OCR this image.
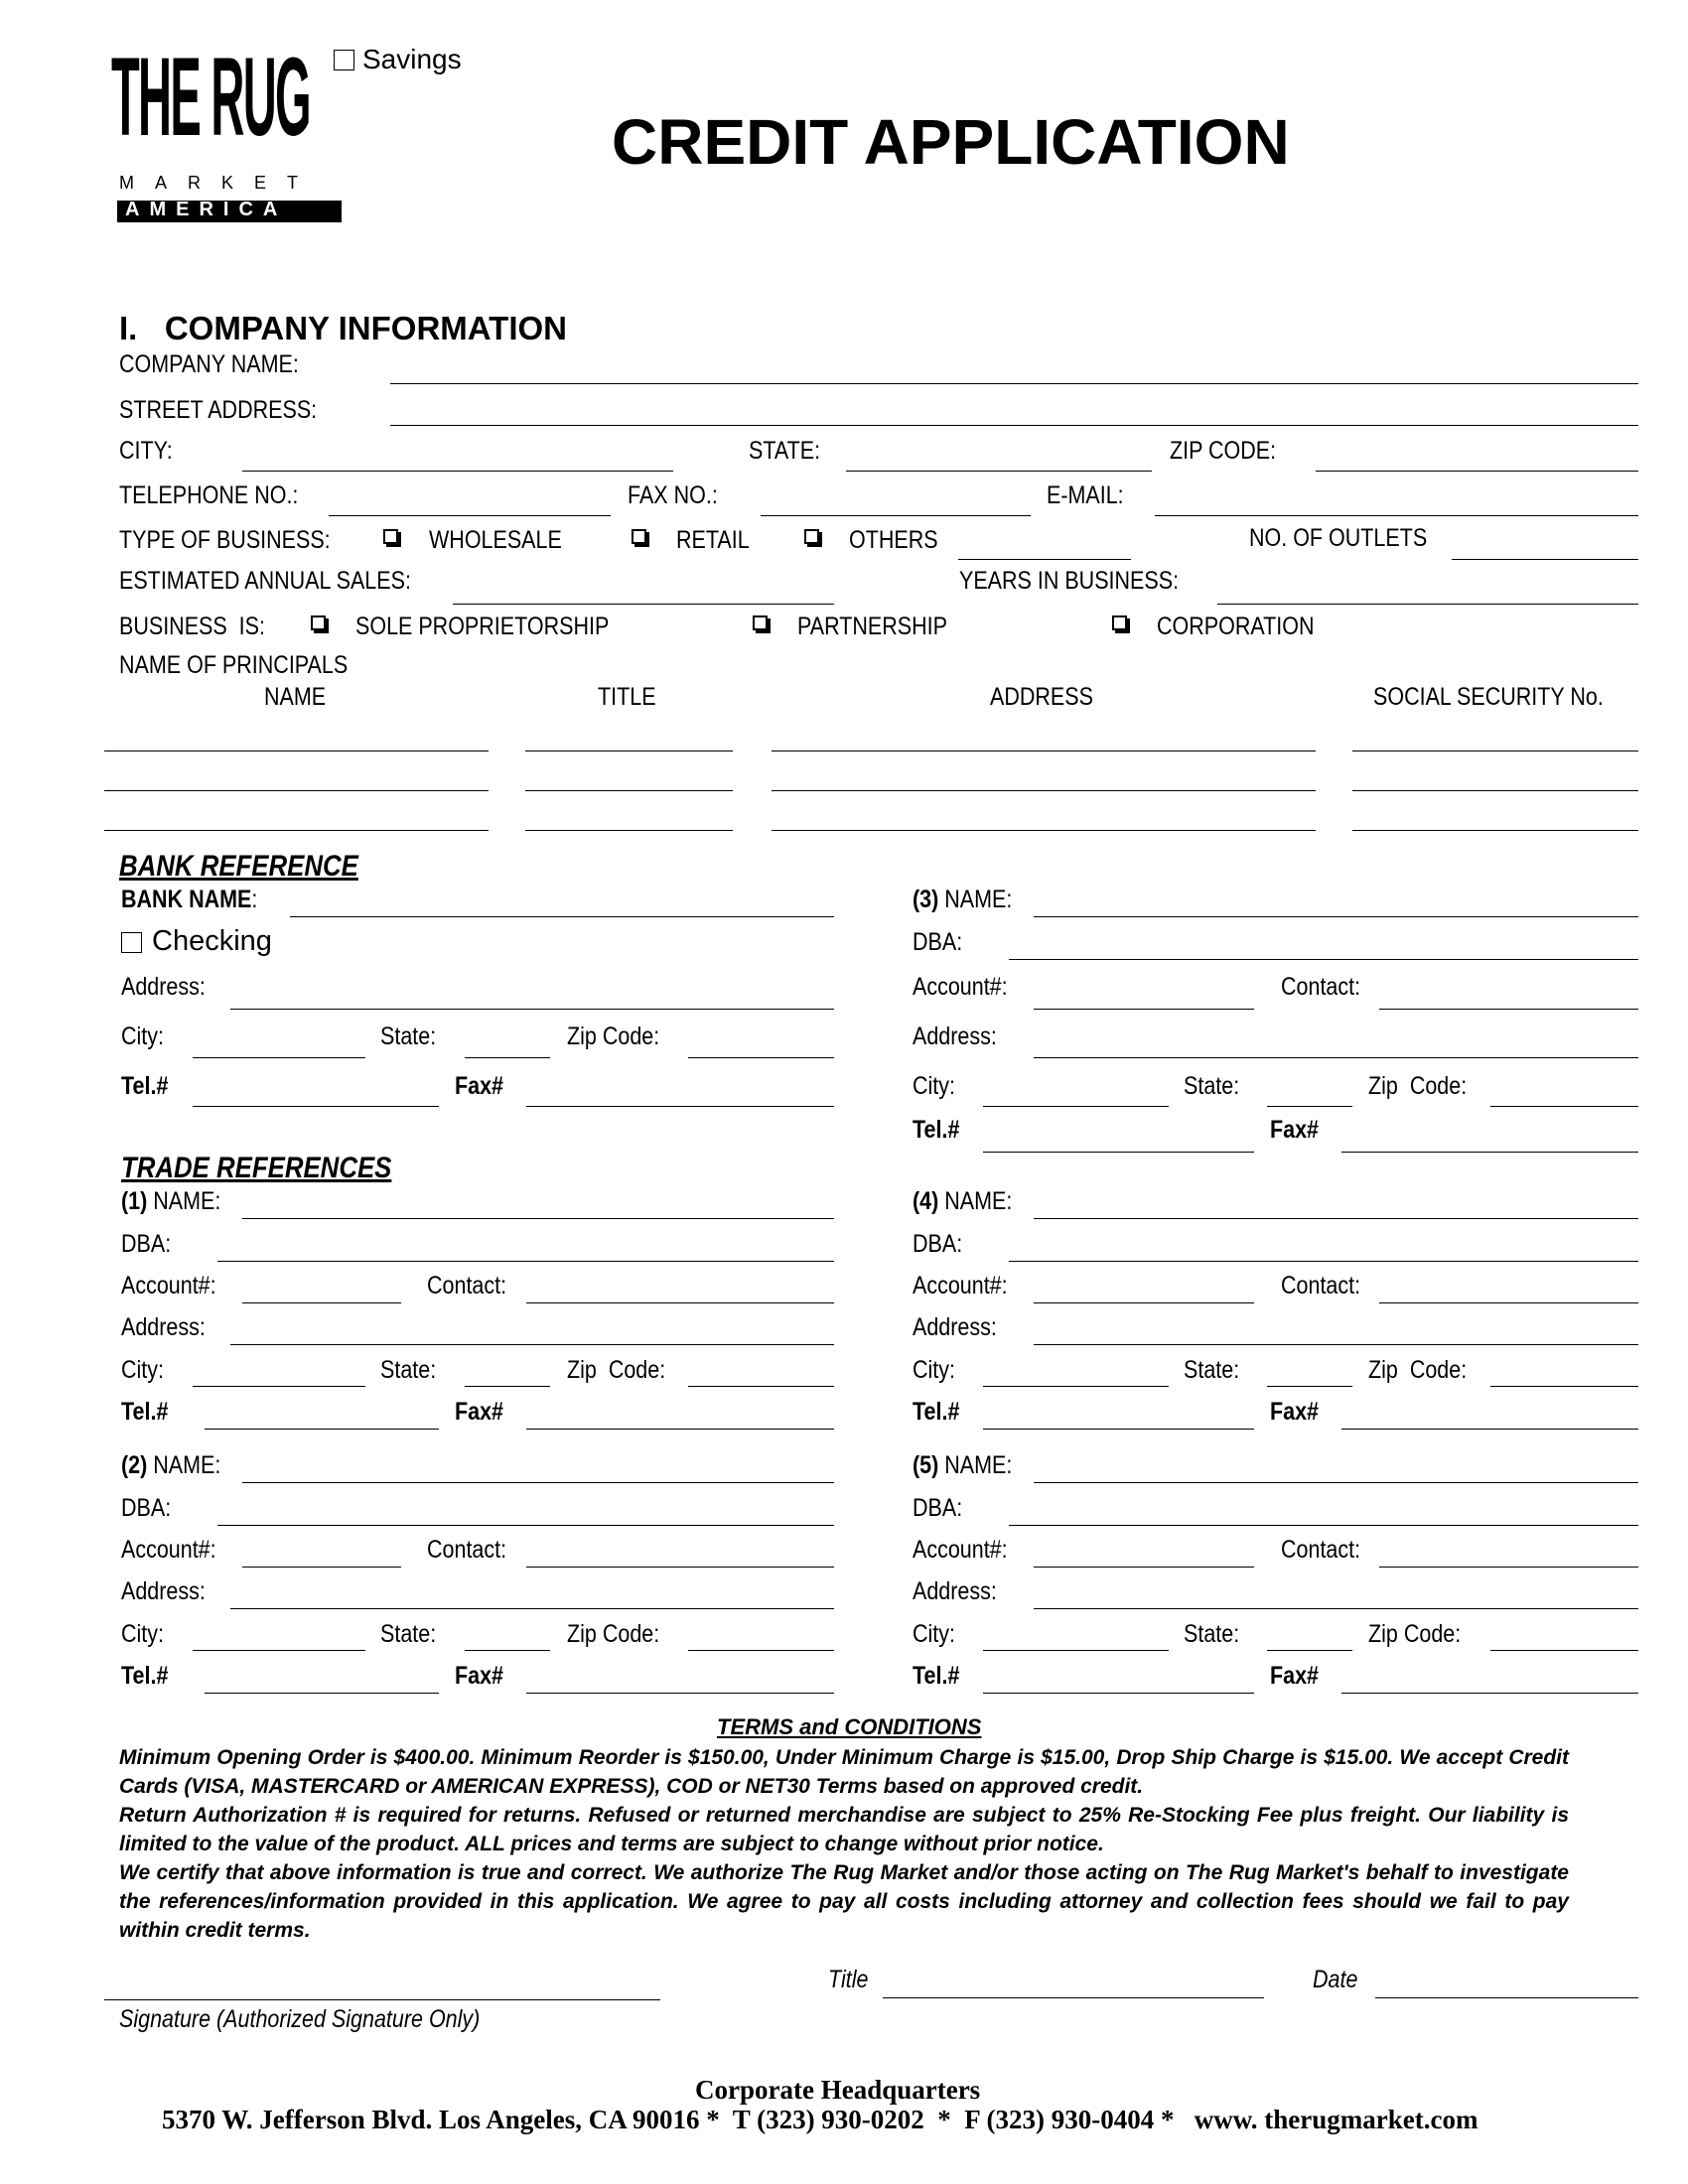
THE RUG
MARKET
AMERICA
Savings
CREDIT APPLICATION
I.   COMPANY INFORMATION
COMPANY NAME:
STREET ADDRESS:
CITY:	STATE:	ZIP CODE:
TELEPHONE NO.:	FAX NO.:	E-MAIL:
TYPE OF BUSINESS:	WHOLESALE	RETAIL	OTHERS	NO. OF OUTLETS
ESTIMATED ANNUAL SALES:	YEARS IN BUSINESS:
BUSINESS  IS:	SOLE PROPRIETORSHIP	PARTNERSHIP	CORPORATION
NAME OF PRINCIPALS
NAME	TITLE	ADDRESS	SOCIAL SECURITY No.
BANK REFERENCE
BANK NAME:
Checking
Address:
City:	State:	Zip Code:
Tel.#	Fax#
TRADE REFERENCES
(3) NAME:
DBA:
Account#:	Contact:
Address:
City:	State:	Zip  Code:
Tel.#	Fax#
(1) NAME:
DBA:
Account#:	Contact:
Address:
City:	State:	Zip  Code:
Tel.#	Fax#
(4) NAME:
DBA:
Account#:	Contact:
Address:
City:	State:	Zip  Code:
Tel.#	Fax#
(2) NAME:
DBA:
Account#:	Contact:
Address:
City:	State:	Zip Code:
Tel.#	Fax#
(5) NAME:
DBA:
Account#:	Contact:
Address:
City:	State:	Zip Code:
Tel.#	Fax#
TERMS and CONDITIONS
Minimum Opening Order is $400.00. Minimum Reorder is $150.00, Under Minimum Charge is $15.00, Drop Ship Charge is $15.00. We accept Credit Cards (VISA, MASTERCARD or AMERICAN EXPRESS), COD or NET30 Terms based on approved credit.
Return Authorization # is required for returns. Refused or returned merchandise are subject to 25% Re-Stocking Fee plus freight. Our liability is limited to the value of the product. ALL prices and terms are subject to change without prior notice.
We certify that above information is true and correct. We authorize The Rug Market and/or those acting on The Rug Market's behalf to investigate the references/information provided in this application. We agree to pay all costs including attorney and collection fees should we fail to pay within credit terms.
Signature (Authorized Signature Only)
Title	Date
Corporate Headquarters
5370 W. Jefferson Blvd. Los Angeles, CA 90016 *  T (323) 930-0202  *  F (323) 930-0404 *   www. therugmarket.com
